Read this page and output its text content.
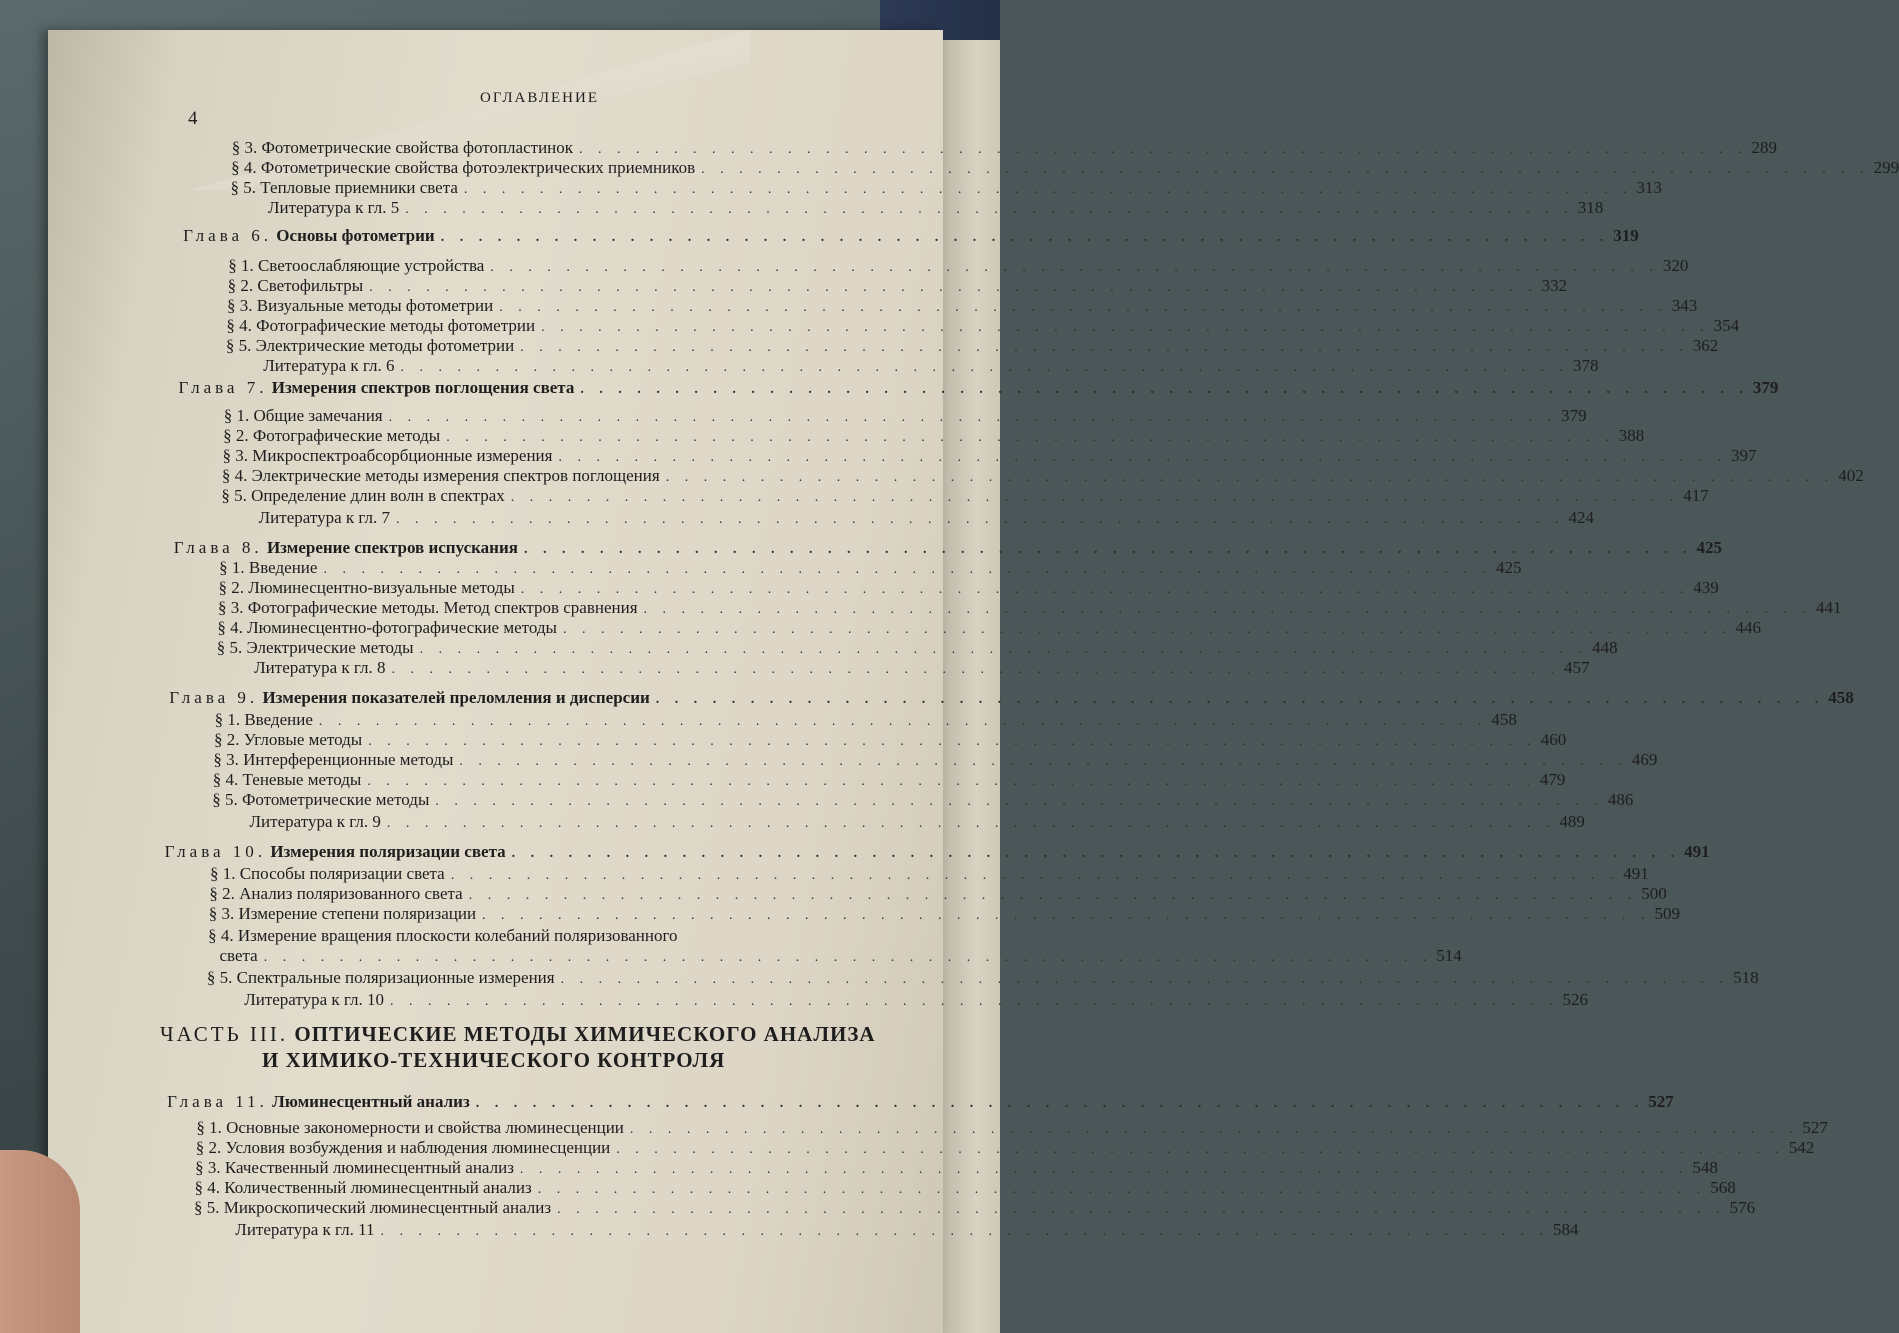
4
ОГЛАВЛЕНИЕ
§ 3. Фотометрические свойства фотопластинок . . . . . . . . . . . . . . . . . . . . . . . . . . . . . . . . . . . . . . . . . . . . . . . . . . . . . . . . . . . . . . 289
§ 4. Фотометрические свойства фотоэлектрических приемников . . . . . . . . . . . . . . . . . . . . . . . . . . . . . . . . . . . . . . . . . . . . . . . . . . . . . . . . . . . . . . 299
§ 5. Тепловые приемники света . . . . . . . . . . . . . . . . . . . . . . . . . . . . . . . . . . . . . . . . . . . . . . . . . . . . . . . . . . . . . . 313
Литература к гл. 5 . . . . . . . . . . . . . . . . . . . . . . . . . . . . . . . . . . . . . . . . . . . . . . . . . . . . . . . . . . . . . . 318
Глава 6. Основы фотометрии . . . . . . . . . . . . . . . . . . . . . . . . . . . . . . . . . . . . . . . . . . . . . . . . . . . . . . . . . . . . . . 319
§ 1. Светоослабляющие устройства . . . . . . . . . . . . . . . . . . . . . . . . . . . . . . . . . . . . . . . . . . . . . . . . . . . . . . . . . . . . . . 320
§ 2. Светофильтры . . . . . . . . . . . . . . . . . . . . . . . . . . . . . . . . . . . . . . . . . . . . . . . . . . . . . . . . . . . . . . 332
§ 3. Визуальные методы фотометрии . . . . . . . . . . . . . . . . . . . . . . . . . . . . . . . . . . . . . . . . . . . . . . . . . . . . . . . . . . . . . . 343
§ 4. Фотографические методы фотометрии . . . . . . . . . . . . . . . . . . . . . . . . . . . . . . . . . . . . . . . . . . . . . . . . . . . . . . . . . . . . . . 354
§ 5. Электрические методы фотометрии . . . . . . . . . . . . . . . . . . . . . . . . . . . . . . . . . . . . . . . . . . . . . . . . . . . . . . . . . . . . . . 362
Литература к гл. 6 . . . . . . . . . . . . . . . . . . . . . . . . . . . . . . . . . . . . . . . . . . . . . . . . . . . . . . . . . . . . . . 378
Глава 7. Измерения спектров поглощения света . . . . . . . . . . . . . . . . . . . . . . . . . . . . . . . . . . . . . . . . . . . . . . . . . . . . . . . . . . . . . . 379
§ 1. Общие замечания . . . . . . . . . . . . . . . . . . . . . . . . . . . . . . . . . . . . . . . . . . . . . . . . . . . . . . . . . . . . . . 379
§ 2. Фотографические методы . . . . . . . . . . . . . . . . . . . . . . . . . . . . . . . . . . . . . . . . . . . . . . . . . . . . . . . . . . . . . . 388
§ 3. Микроспектроабсорбционные измерения . . . . . . . . . . . . . . . . . . . . . . . . . . . . . . . . . . . . . . . . . . . . . . . . . . . . . . . . . . . . . . 397
§ 4. Электрические методы измерения спектров поглощения . . . . . . . . . . . . . . . . . . . . . . . . . . . . . . . . . . . . . . . . . . . . . . . . . . . . . . . . . . . . . . 402
§ 5. Определение длин волн в спектрах . . . . . . . . . . . . . . . . . . . . . . . . . . . . . . . . . . . . . . . . . . . . . . . . . . . . . . . . . . . . . . 417
Литература к гл. 7 . . . . . . . . . . . . . . . . . . . . . . . . . . . . . . . . . . . . . . . . . . . . . . . . . . . . . . . . . . . . . . 424
Глава 8. Измерение спектров испускания . . . . . . . . . . . . . . . . . . . . . . . . . . . . . . . . . . . . . . . . . . . . . . . . . . . . . . . . . . . . . . 425
§ 1. Введение . . . . . . . . . . . . . . . . . . . . . . . . . . . . . . . . . . . . . . . . . . . . . . . . . . . . . . . . . . . . . . 425
§ 2. Люминесцентно-визуальные методы . . . . . . . . . . . . . . . . . . . . . . . . . . . . . . . . . . . . . . . . . . . . . . . . . . . . . . . . . . . . . . 439
§ 3. Фотографические методы. Метод спектров сравнения . . . . . . . . . . . . . . . . . . . . . . . . . . . . . . . . . . . . . . . . . . . . . . . . . . . . . . . . . . . . . . 441
§ 4. Люминесцентно-фотографические методы . . . . . . . . . . . . . . . . . . . . . . . . . . . . . . . . . . . . . . . . . . . . . . . . . . . . . . . . . . . . . . 446
§ 5. Электрические методы . . . . . . . . . . . . . . . . . . . . . . . . . . . . . . . . . . . . . . . . . . . . . . . . . . . . . . . . . . . . . . 448
Литература к гл. 8 . . . . . . . . . . . . . . . . . . . . . . . . . . . . . . . . . . . . . . . . . . . . . . . . . . . . . . . . . . . . . . 457
Глава 9. Измерения показателей преломления и дисперсии . . . . . . . . . . . . . . . . . . . . . . . . . . . . . . . . . . . . . . . . . . . . . . . . . . . . . . . . . . . . . . 458
§ 1. Введение . . . . . . . . . . . . . . . . . . . . . . . . . . . . . . . . . . . . . . . . . . . . . . . . . . . . . . . . . . . . . . 458
§ 2. Угловые методы . . . . . . . . . . . . . . . . . . . . . . . . . . . . . . . . . . . . . . . . . . . . . . . . . . . . . . . . . . . . . . 460
§ 3. Интерференционные методы . . . . . . . . . . . . . . . . . . . . . . . . . . . . . . . . . . . . . . . . . . . . . . . . . . . . . . . . . . . . . . 469
§ 4. Теневые методы . . . . . . . . . . . . . . . . . . . . . . . . . . . . . . . . . . . . . . . . . . . . . . . . . . . . . . . . . . . . . . 479
§ 5. Фотометрические методы . . . . . . . . . . . . . . . . . . . . . . . . . . . . . . . . . . . . . . . . . . . . . . . . . . . . . . . . . . . . . . 486
Литература к гл. 9 . . . . . . . . . . . . . . . . . . . . . . . . . . . . . . . . . . . . . . . . . . . . . . . . . . . . . . . . . . . . . . 489
Глава 10. Измерения поляризации света . . . . . . . . . . . . . . . . . . . . . . . . . . . . . . . . . . . . . . . . . . . . . . . . . . . . . . . . . . . . . . 491
§ 1. Способы поляризации света . . . . . . . . . . . . . . . . . . . . . . . . . . . . . . . . . . . . . . . . . . . . . . . . . . . . . . . . . . . . . . 491
§ 2. Анализ поляризованного света . . . . . . . . . . . . . . . . . . . . . . . . . . . . . . . . . . . . . . . . . . . . . . . . . . . . . . . . . . . . . . 500
§ 3. Измерение степени поляризации . . . . . . . . . . . . . . . . . . . . . . . . . . . . . . . . . . . . . . . . . . . . . . . . . . . . . . . . . . . . . . 509
§ 4. Измерение вращения плоскости колебаний поляризованного
света . . . . . . . . . . . . . . . . . . . . . . . . . . . . . . . . . . . . . . . . . . . . . . . . . . . . . . . . . . . . . . 514
§ 5. Спектральные поляризационные измерения . . . . . . . . . . . . . . . . . . . . . . . . . . . . . . . . . . . . . . . . . . . . . . . . . . . . . . . . . . . . . . 518
Литература к гл. 10 . . . . . . . . . . . . . . . . . . . . . . . . . . . . . . . . . . . . . . . . . . . . . . . . . . . . . . . . . . . . . . 526
ЧАСТЬ III. ОПТИЧЕСКИЕ МЕТОДЫ ХИМИЧЕСКОГО АНАЛИЗА
И ХИМИКО-ТЕХНИЧЕСКОГО КОНТРОЛЯ
Глава 11. Люминесцентный анализ . . . . . . . . . . . . . . . . . . . . . . . . . . . . . . . . . . . . . . . . . . . . . . . . . . . . . . . . . . . . . . 527
§ 1. Основные закономерности и свойства люминесценции . . . . . . . . . . . . . . . . . . . . . . . . . . . . . . . . . . . . . . . . . . . . . . . . . . . . . . . . . . . . . . 527
§ 2. Условия возбуждения и наблюдения люминесценции . . . . . . . . . . . . . . . . . . . . . . . . . . . . . . . . . . . . . . . . . . . . . . . . . . . . . . . . . . . . . . 542
§ 3. Качественный люминесцентный анализ . . . . . . . . . . . . . . . . . . . . . . . . . . . . . . . . . . . . . . . . . . . . . . . . . . . . . . . . . . . . . . 548
§ 4. Количественный люминесцентный анализ . . . . . . . . . . . . . . . . . . . . . . . . . . . . . . . . . . . . . . . . . . . . . . . . . . . . . . . . . . . . . . 568
§ 5. Микроскопический люминесцентный анализ . . . . . . . . . . . . . . . . . . . . . . . . . . . . . . . . . . . . . . . . . . . . . . . . . . . . . . . . . . . . . . 576
Литература к гл. 11 . . . . . . . . . . . . . . . . . . . . . . . . . . . . . . . . . . . . . . . . . . . . . . . . . . . . . . . . . . . . . . 584
